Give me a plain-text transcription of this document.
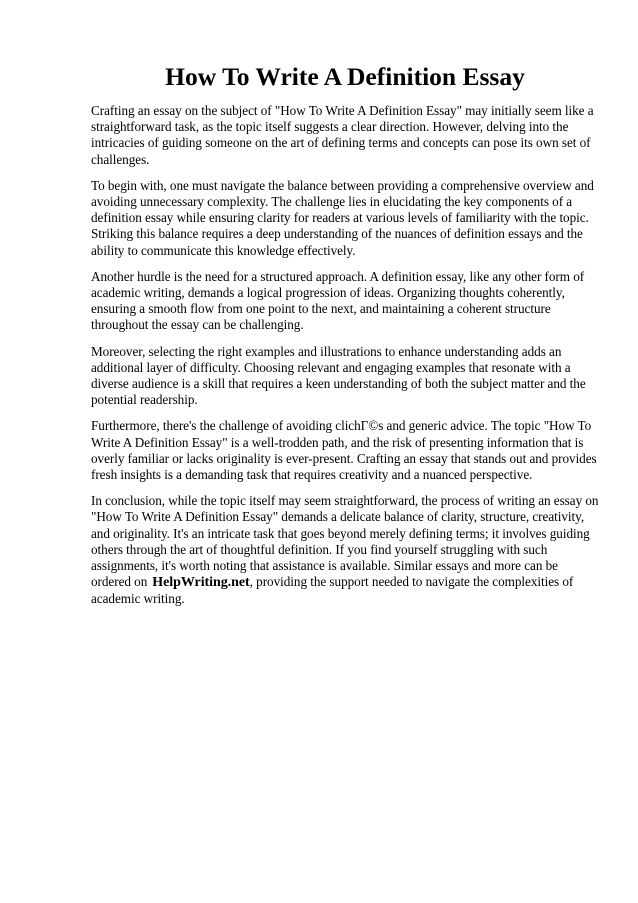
How To Write A Definition Essay

Crafting an essay on the subject of "How To Write A Definition Essay" may initially seem like a straightforward task, as the topic itself suggests a clear direction. However, delving into the intricacies of guiding someone on the art of defining terms and concepts can pose its own set of challenges.

To begin with, one must navigate the balance between providing a comprehensive overview and avoiding unnecessary complexity. The challenge lies in elucidating the key components of a definition essay while ensuring clarity for readers at various levels of familiarity with the topic. Striking this balance requires a deep understanding of the nuances of definition essays and the ability to communicate this knowledge effectively.

Another hurdle is the need for a structured approach. A definition essay, like any other form of academic writing, demands a logical progression of ideas. Organizing thoughts coherently, ensuring a smooth flow from one point to the next, and maintaining a coherent structure throughout the essay can be challenging.

Moreover, selecting the right examples and illustrations to enhance understanding adds an additional layer of difficulty. Choosing relevant and engaging examples that resonate with a diverse audience is a skill that requires a keen understanding of both the subject matter and the potential readership.

Furthermore, there's the challenge of avoiding clichΓ©s and generic advice. The topic "How To Write A Definition Essay" is a well-trodden path, and the risk of presenting information that is overly familiar or lacks originality is ever-present. Crafting an essay that stands out and provides fresh insights is a demanding task that requires creativity and a nuanced perspective.

In conclusion, while the topic itself may seem straightforward, the process of writing an essay on "How To Write A Definition Essay" demands a delicate balance of clarity, structure, creativity, and originality. It's an intricate task that goes beyond merely defining terms; it involves guiding others through the art of thoughtful definition. If you find yourself struggling with such assignments, it's worth noting that assistance is available. Similar essays and more can be ordered on HelpWriting.net, providing the support needed to navigate the complexities of academic writing.
